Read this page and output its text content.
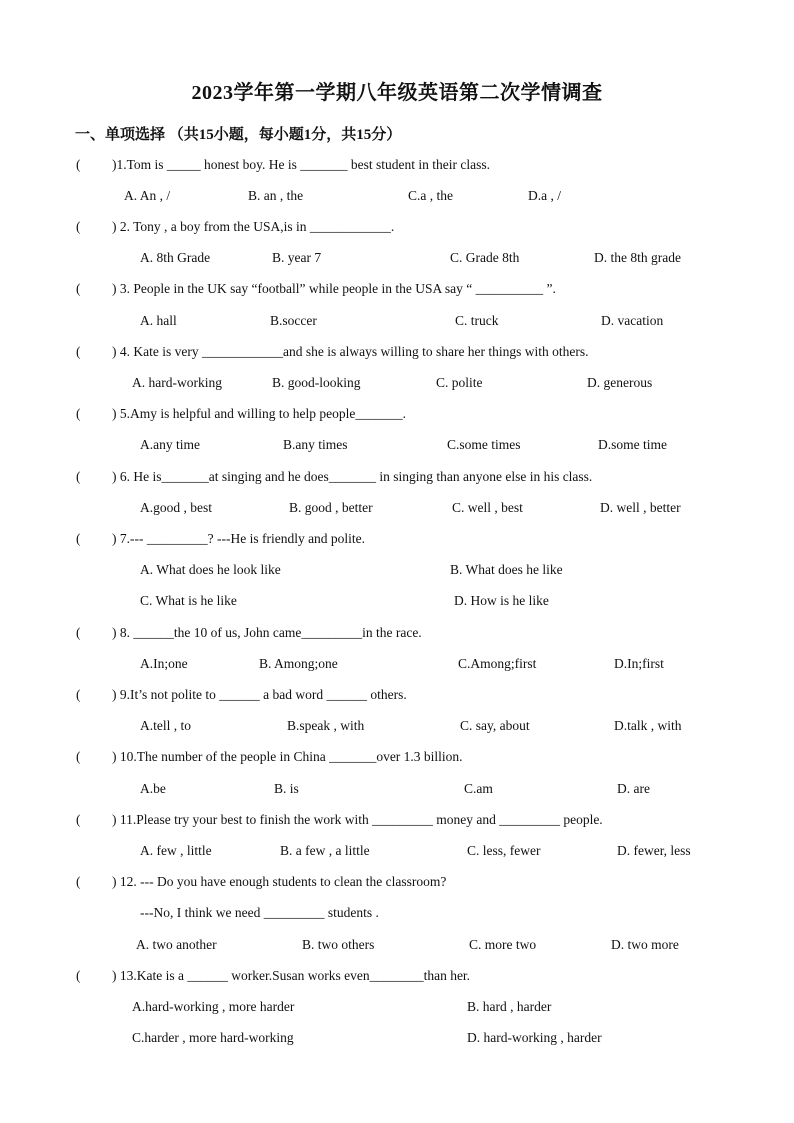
2023学年第一学期八年级英语第二次学情调查
一、单项选择 （共15小题，每小题1分，共15分）
( )1.Tom is _____ honest boy. He is _______ best student in their class.
A. An , /	B. an , the	C.a , the	D.a , /
( ) 2. Tony , a boy from the USA,is in ____________.
A. 8th Grade	B. year 7	C. Grade 8th	D. the 8th grade
( ) 3. People in the UK say “football” while people in the USA say “ __________ ”.
A. hall	B.soccer	C. truck	D. vacation
( ) 4. Kate is very ____________and she is always willing to share her things with others.
A. hard-working	B. good-looking	C. polite	D. generous
( ) 5.Amy is helpful and willing to help people_______.
A.any time	B.any times	C.some times	D.some time
( ) 6. He is_______at singing and he does_______ in singing than anyone else in his class.
A.good , best	B. good , better	C. well , best	D. well , better
( ) 7.--- _________? ---He is friendly and polite.
A. What does he look like	B. What does he like
C. What is he like	D. How is he like
( ) 8. ______the 10 of us, John came_________in the race.
A.In;one	B. Among;one	C.Among;first	D.In;first
( ) 9.It’s not polite to ______ a bad word ______ others.
A.tell , to	B.speak , with	C. say, about	D.talk , with
( ) 10.The number of the people in China _______over 1.3 billion.
A.be	B. is	C.am	D. are
( ) 11.Please try your best to finish the work with _________ money and _________ people.
A. few , little	B. a few , a little	C. less, fewer	D. fewer, less
( ) 12. --- Do you have enough students to clean the classroom?
---No, I think we need _________ students .
A. two another	B. two others	C. more two	D. two more
( ) 13.Kate is a ______ worker.Susan works even________than her.
A.hard-working , more harder	B. hard , harder
C.harder , more hard-working	D. hard-working , harder
